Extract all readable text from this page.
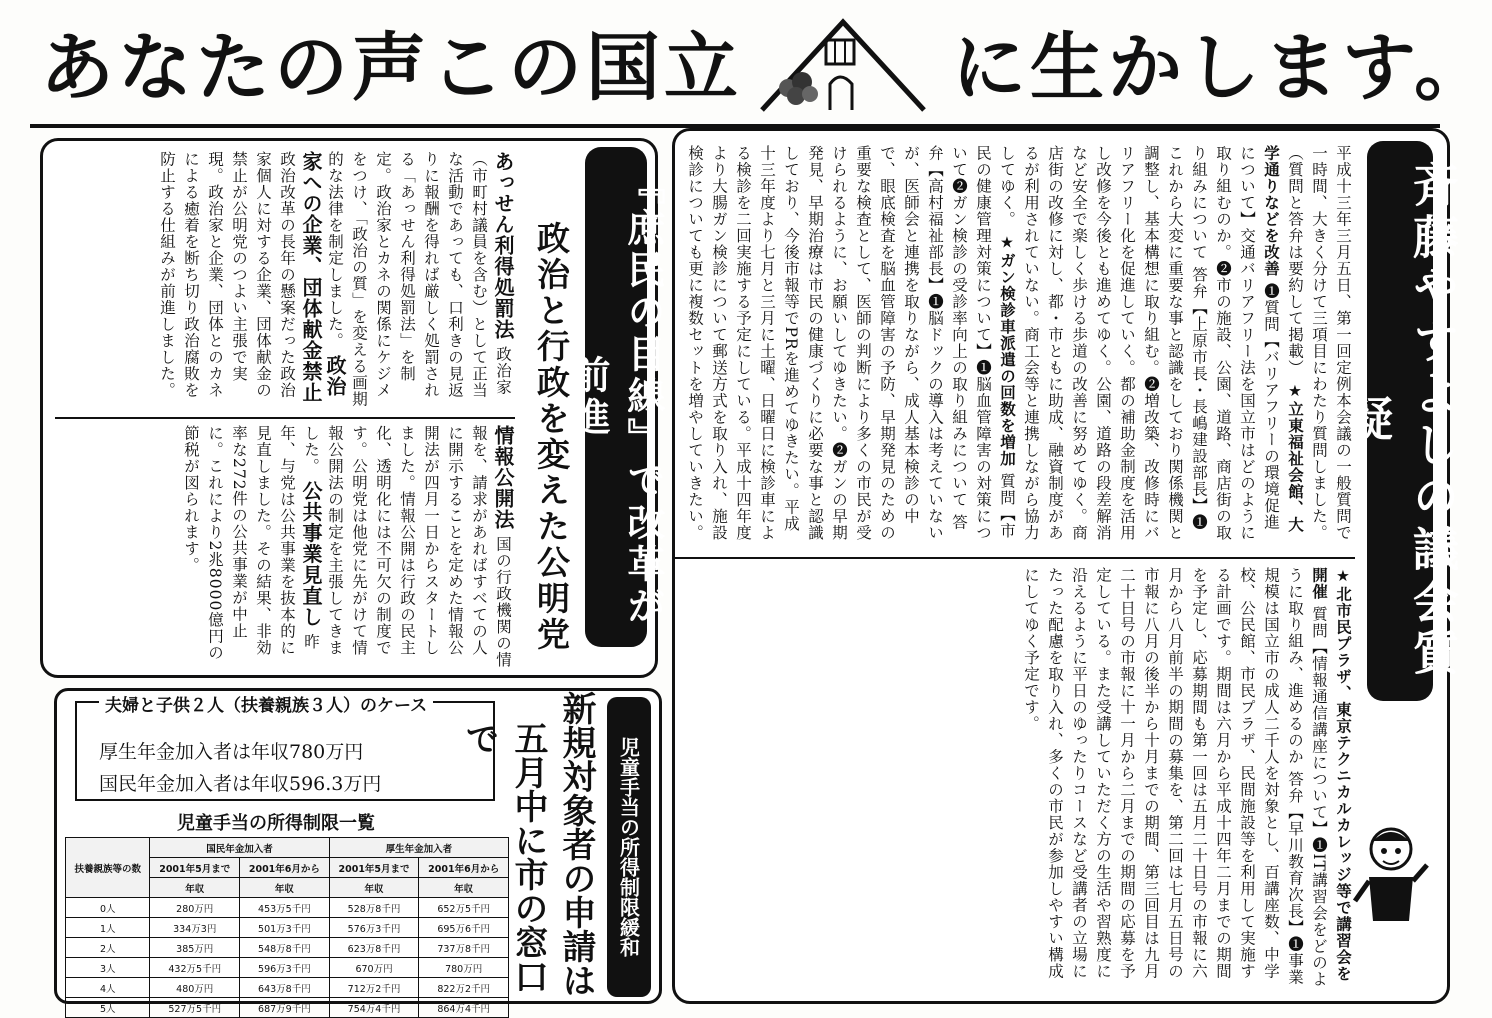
あなたの声この国立	に生かします。
斉藤やすよしの議会質疑
平成十三年三月五日、第一回定例本会議の一般質問で一時間、大きく分けて三項目にわたり質問しました。（質問と答弁は要約して掲載） ★立東福祉会館、大学通りなどを改善 ❶質問【バリアフリーの環境促進について】交通バリアフリー法を国立市はどのように取り組むのか。❷市の施設、公園、道路、商店街の取り組みについて 答弁【上原市長・長嶋建設部長】❶これから大変に重要な事と認識をしており関係機関と調整し、基本構想に取り組む。❷増改築、改修時にバリアフリー化を促進していく。都の補助金制度を活用し改修を今後とも進めてゆく。公園、道路の段差解消など安全で楽しく歩ける歩道の改善に努めてゆく。商店街の改修に対し、都・市ともに助成、融資制度があるが利用されていない。商工会等と連携しながら協力してゆく。 ★ガン検診車派遣の回数を増加 質問【市民の健康管理対策について】❶脳血管障害の対策について❷ガン検診の受診率向上の取り組みについて 答弁【高村福祉部長】❶脳ドックの導入は考えていないが、医師会と連携を取りながら、成人基本検診の中で、眼底検査を脳血管障害の予防、早期発見のための重要な検査として、医師の判断により多くの市民が受けられるように、お願いしてゆきたい。❷ガンの早期発見、早期治療は市民の健康づくりに必要な事と認識しており、今後市報等でPRを進めてゆきたい。平成十三年度より七月と三月に土曜、日曜日に検診車による検診を二回実施する予定にしている。平成十四年度より大腸ガン検診について郵送方式を取り入れ、施設検診についても更に複数セットを増やしていきたい。
★北市民プラザ、東京テクニカルカレッジ等で講習会を開催 質問【情報通信講座について】❶IT講習会をどのように取り組み、進めるのか 答弁【早川教育次長】❶事業規模は国立市の成人二千人を対象とし、百講座数、中学校、公民館、市民プラザ、民間施設等を利用して実施する計画です。期間は六月から平成十四年二月までの期間を予定し、応募期間も第一回は五月二十日号の市報に六月から八月前半の期間の募集を、第二回は七月五日号の市報に八月の後半から十月までの期間、第三回目は九月二十日号の市報に十一月から二月までの期間の応募を予定している。また受講していただく方の生活や習熟度に沿えるように平日のゆったりコースなど受講者の立場にたった配慮を取り入れ、多くの市民が参加しやすい構成にしてゆく予定です。
『庶民の目線』で改革が前進
政治と行政を変えた公明党
あっせん利得処罰法 政治家（市町村議員を含む）として正当な活動であっても、口利きの見返りに報酬を得れば厳しく処罰される「あっせん利得処罰法」を制定。政治家とカネの関係にケジメをつけ、「政治の質」を変える画期的な法律を制定しました。 政治家への企業、団体献金禁止 政治改革の長年の懸案だった政治家個人に対する企業、団体献金の禁止が公明党のつよい主張で実現。政治家と企業、団体とのカネによる癒着を断ち切り政治腐敗を防止する仕組みが前進しました。
情報公開法 国の行政機関の情報を、請求があればすべての人に開示することを定めた情報公開法が四月一日からスタートしました。情報公開は行政の民主化、透明化には不可欠の制度です。公明党は他党に先がけて情報公開法の制定を主張してきました。 公共事業見直し 昨年、与党は公共事業を抜本的に見直しました。その結果、非効率な272件の公共事業が中止に。これにより2兆8000億円の節税が図られます。
児童手当の所得制限緩和
新規対象者の申請は
五月中に市の窓口で
夫婦と子供２人（扶養親族３人）のケース
厚生年金加入者は年収780万円
国民年金加入者は年収596.3万円
児童手当の所得制限一覧
扶養親族等の数	国民年金加入者		厚生年金加入者	
	2001年5月まで	2001年6月から	2001年5月まで	2001年6月から
	年収	年収	年収	年収
0人	280万円	453万5千円	528万8千円	652万5千円
1人	334万3円	501万3千円	576万3千円	695万6千円
2人	385万円	548万8千円	623万8千円	737万8千円
3人	432万5千円	596万3千円	670万円	780万円
4人	480万円	643万8千円	712万2千円	822万2千円
5人	527万5千円	687万9千円	754万4千円	864万4千円
